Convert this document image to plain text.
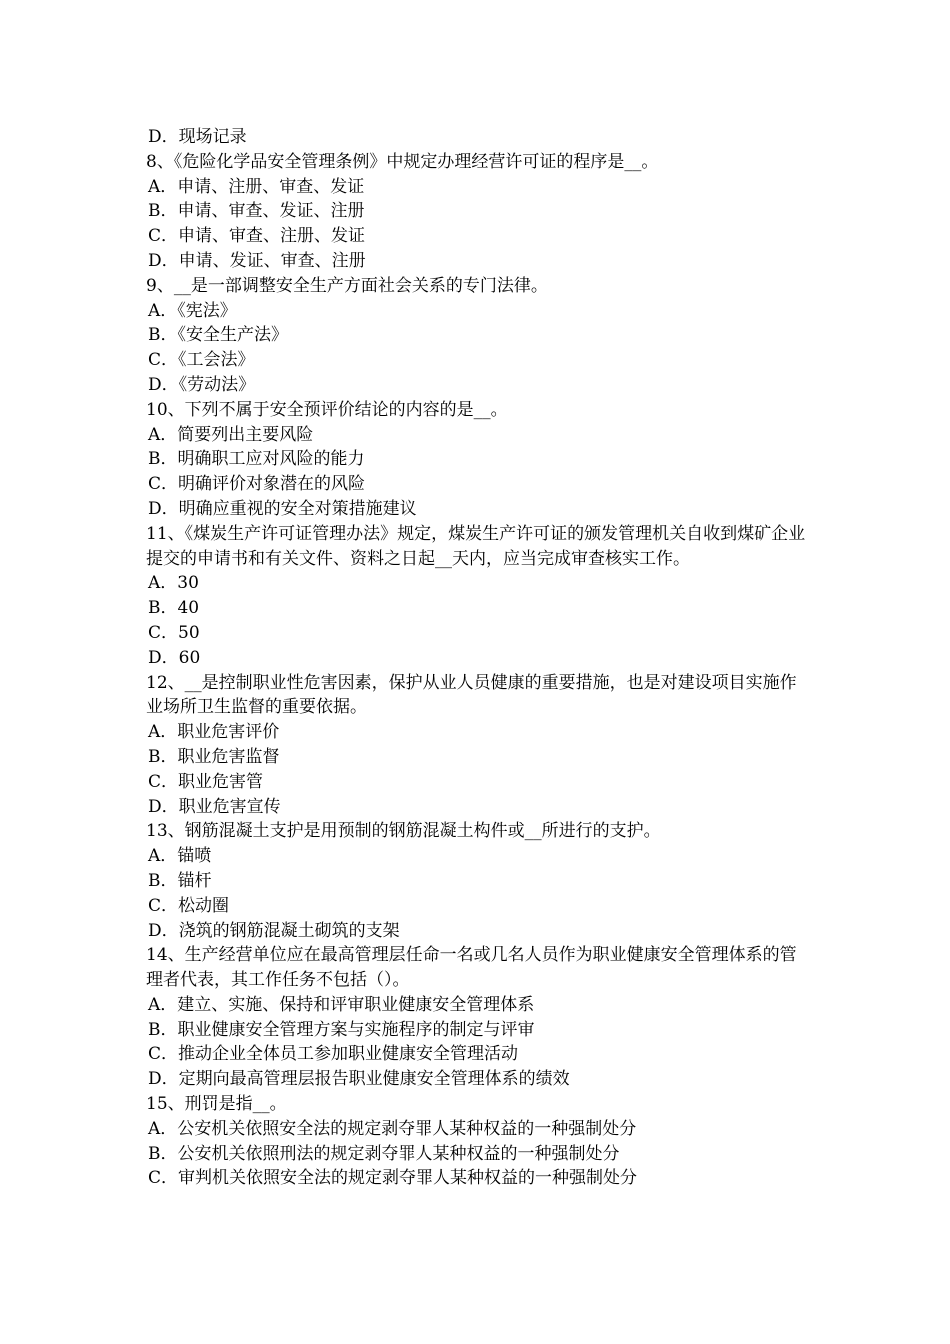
D．现场记录
8、《危险化学品安全管理条例》中规定办理经营许可证的程序是__。
A．申请、注册、审查、发证
B．申请、审查、发证、注册
C．申请、审查、注册、发证
D．申请、发证、审查、注册
9、__是一部调整安全生产方面社会关系的专门法律。
A．《宪法》
B．《安全生产法》
C．《工会法》
D．《劳动法》
10、下列不属于安全预评价结论的内容的是__。
A．简要列出主要风险
B．明确职工应对风险的能力
C．明确评价对象潜在的风险
D．明确应重视的安全对策措施建议
11、《煤炭生产许可证管理办法》规定，煤炭生产许可证的颁发管理机关自收到煤矿企业提交的申请书和有关文件、资料之日起__天内，应当完成审查核实工作。
A．30
B．40
C．50
D．60
12、__是控制职业性危害因素，保护从业人员健康的重要措施，也是对建设项目实施作业场所卫生监督的重要依据。
A．职业危害评价
B．职业危害监督
C．职业危害管
D．职业危害宣传
13、钢筋混凝土支护是用预制的钢筋混凝土构件或__所进行的支护。
A．锚喷
B．锚杆
C．松动圈
D．浇筑的钢筋混凝土砌筑的支架
14、生产经营单位应在最高管理层任命一名或几名人员作为职业健康安全管理体系的管理者代表，其工作任务不包括（）。
A．建立、实施、保持和评审职业健康安全管理体系
B．职业健康安全管理方案与实施程序的制定与评审
C．推动企业全体员工参加职业健康安全管理活动
D．定期向最高管理层报告职业健康安全管理体系的绩效
15、刑罚是指__。
A．公安机关依照安全法的规定剥夺罪人某种权益的一种强制处分
B．公安机关依照刑法的规定剥夺罪人某种权益的一种强制处分
C．审判机关依照安全法的规定剥夺罪人某种权益的一种强制处分
